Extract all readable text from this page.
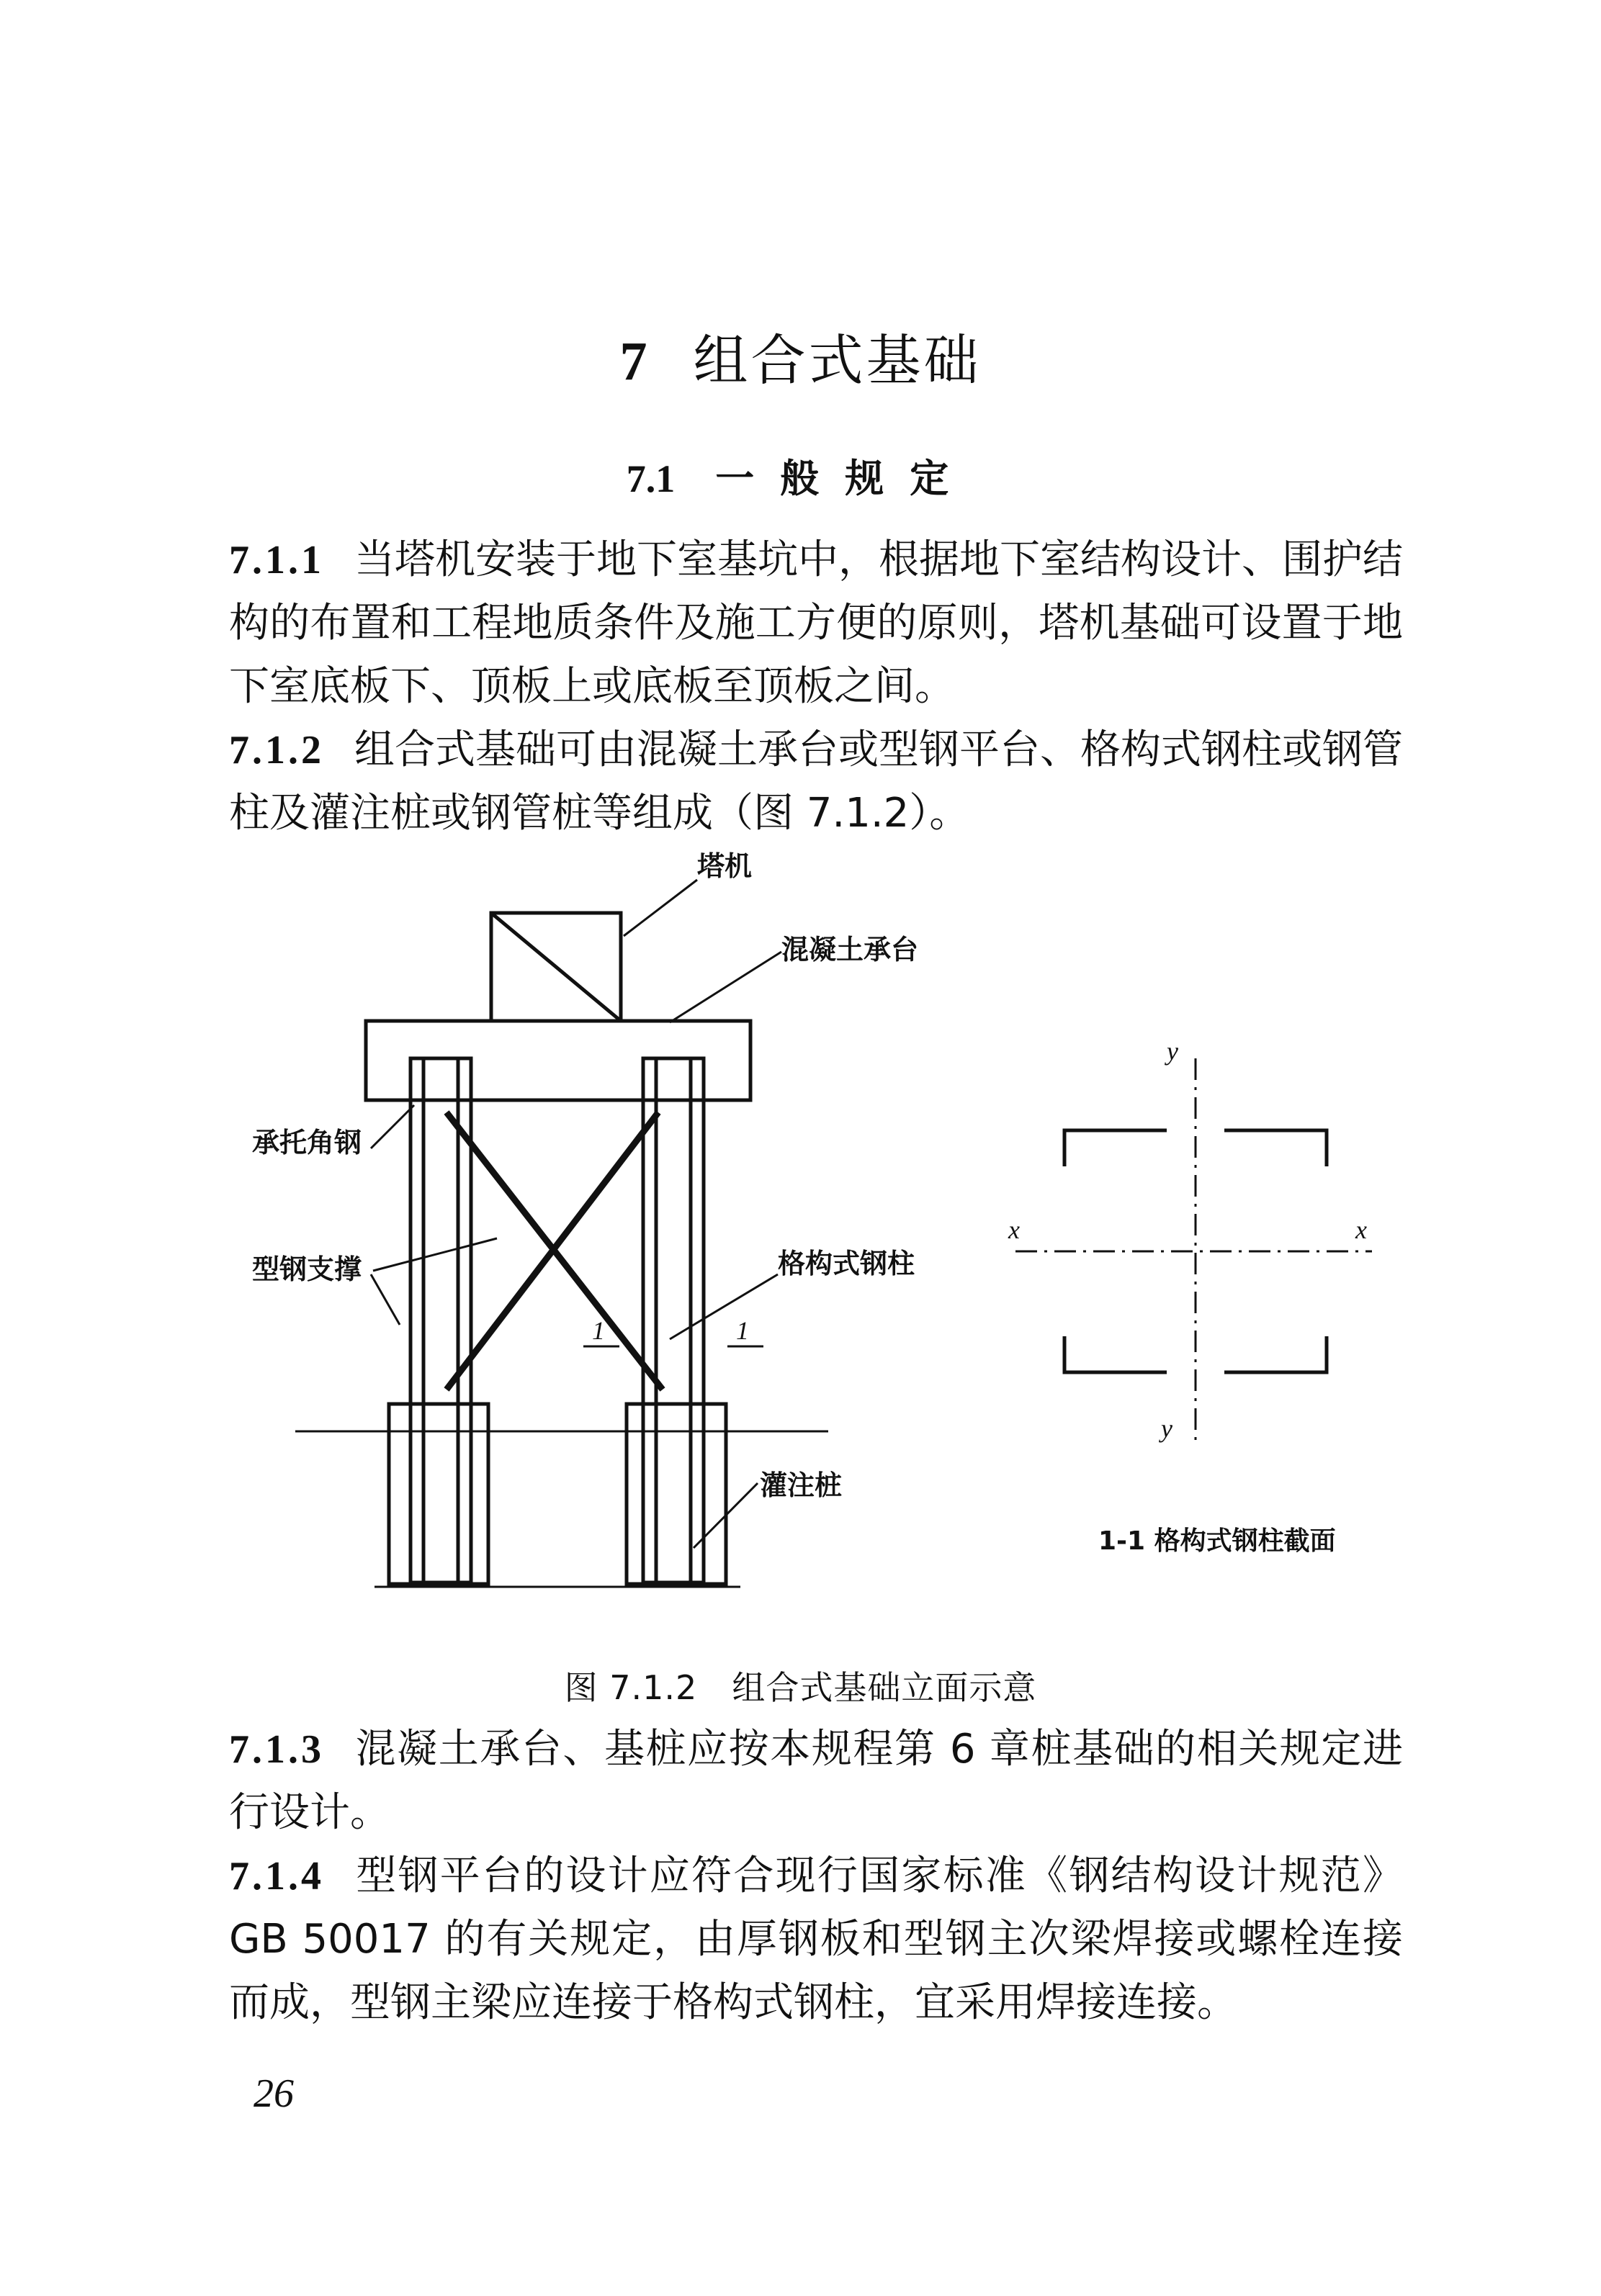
7 组合式基础
7.1 一般规定
7.1.1 当塔机安装于地下室基坑中，根据地下室结构设计、围护结构的布置和工程地质条件及施工方便的原则，塔机基础可设置于地下室底板下、顶板上或底板至顶板之间。
7.1.2 组合式基础可由混凝土承台或型钢平台、格构式钢柱或钢管柱及灌注桩或钢管桩等组成（图 7.1.2）。
塔机
混凝土承台
承托角钢
型钢支撑	格构式钢柱
灌注桩
1	1
x	x
y
y
1-1 格构式钢柱截面
图 7.1.2 组合式基础立面示意
7.1.3 混凝土承台、基桩应按本规程第 6 章桩基础的相关规定进行设计。
7.1.4 型钢平台的设计应符合现行国家标准《钢结构设计规范》GB 50017 的有关规定，由厚钢板和型钢主次梁焊接或螺栓连接而成，型钢主梁应连接于格构式钢柱，宜采用焊接连接。
26
